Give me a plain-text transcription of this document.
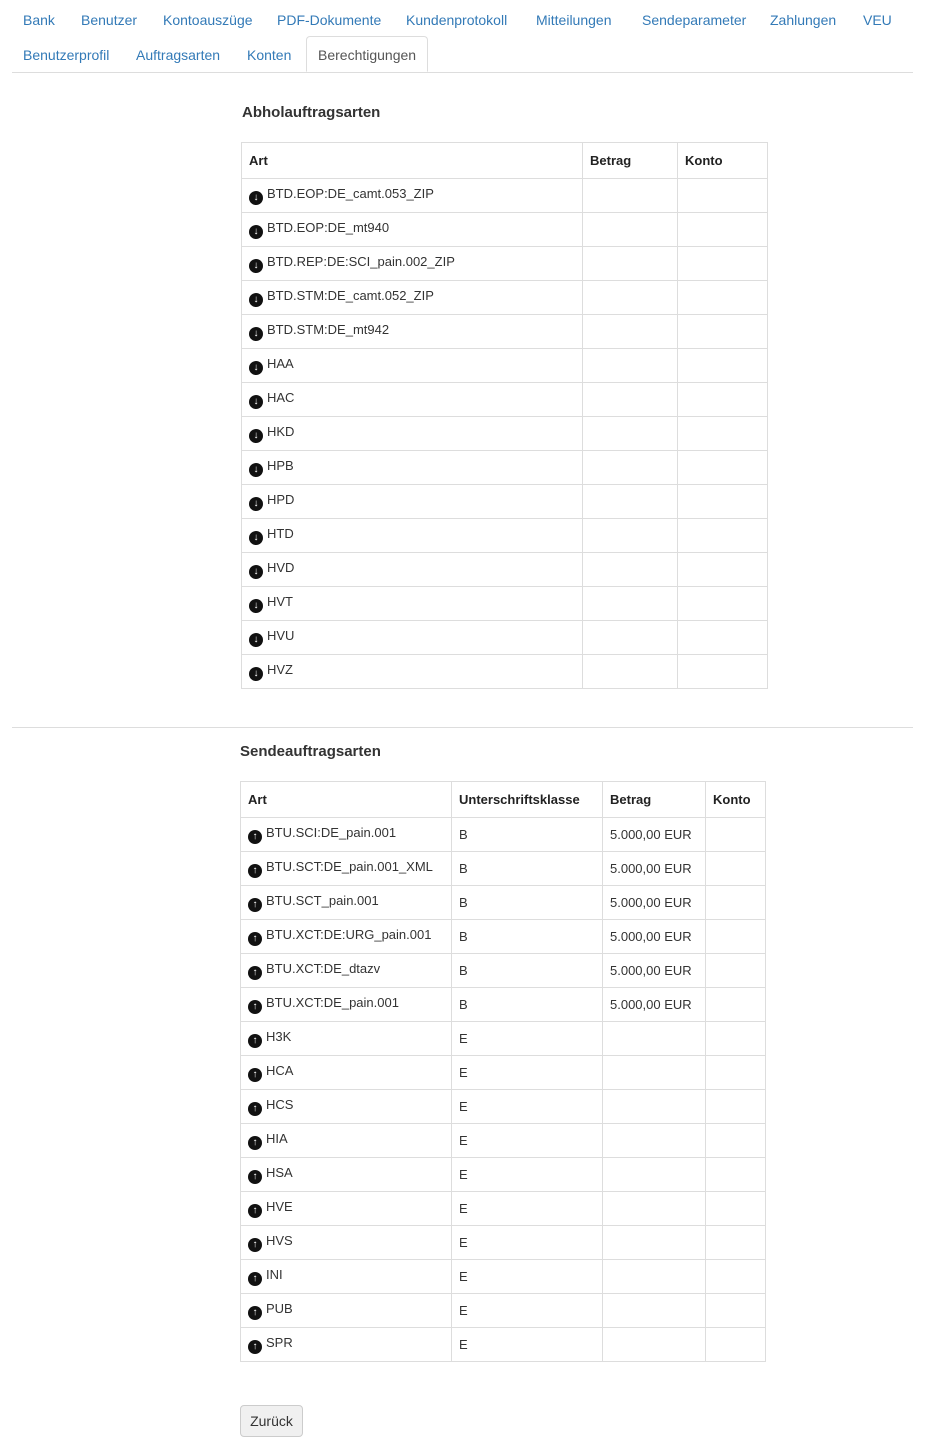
Bank	Benutzer	Kontoauszüge	PDF-Dokumente	Kundenprotokoll	Mitteilungen	Sendeparameter	Zahlungen	VEU
Benutzerprofil	Auftragsarten	Konten	Berechtigungen
Abholauftragsarten
Art	Betrag	Konto
↓ BTD.EOP:DE_camt.053_ZIP		
↓ BTD.EOP:DE_mt940		
↓ BTD.REP:DE:SCI_pain.002_ZIP		
↓ BTD.STM:DE_camt.052_ZIP		
↓ BTD.STM:DE_mt942		
↓ HAA		
↓ HAC		
↓ HKD		
↓ HPB		
↓ HPD		
↓ HTD		
↓ HVD		
↓ HVT		
↓ HVU		
↓ HVZ		
Sendeauftragsarten
Art	Unterschriftsklasse	Betrag	Konto
↑ BTU.SCI:DE_pain.001	B	5.000,00 EUR	
↑ BTU.SCT:DE_pain.001_XML	B	5.000,00 EUR	
↑ BTU.SCT_pain.001	B	5.000,00 EUR	
↑ BTU.XCT:DE:URG_pain.001	B	5.000,00 EUR	
↑ BTU.XCT:DE_dtazv	B	5.000,00 EUR	
↑ BTU.XCT:DE_pain.001	B	5.000,00 EUR	
↑ H3K	E		
↑ HCA	E		
↑ HCS	E		
↑ HIA	E		
↑ HSA	E		
↑ HVE	E		
↑ HVS	E		
↑ INI	E		
↑ PUB	E		
↑ SPR	E		
Zurück
